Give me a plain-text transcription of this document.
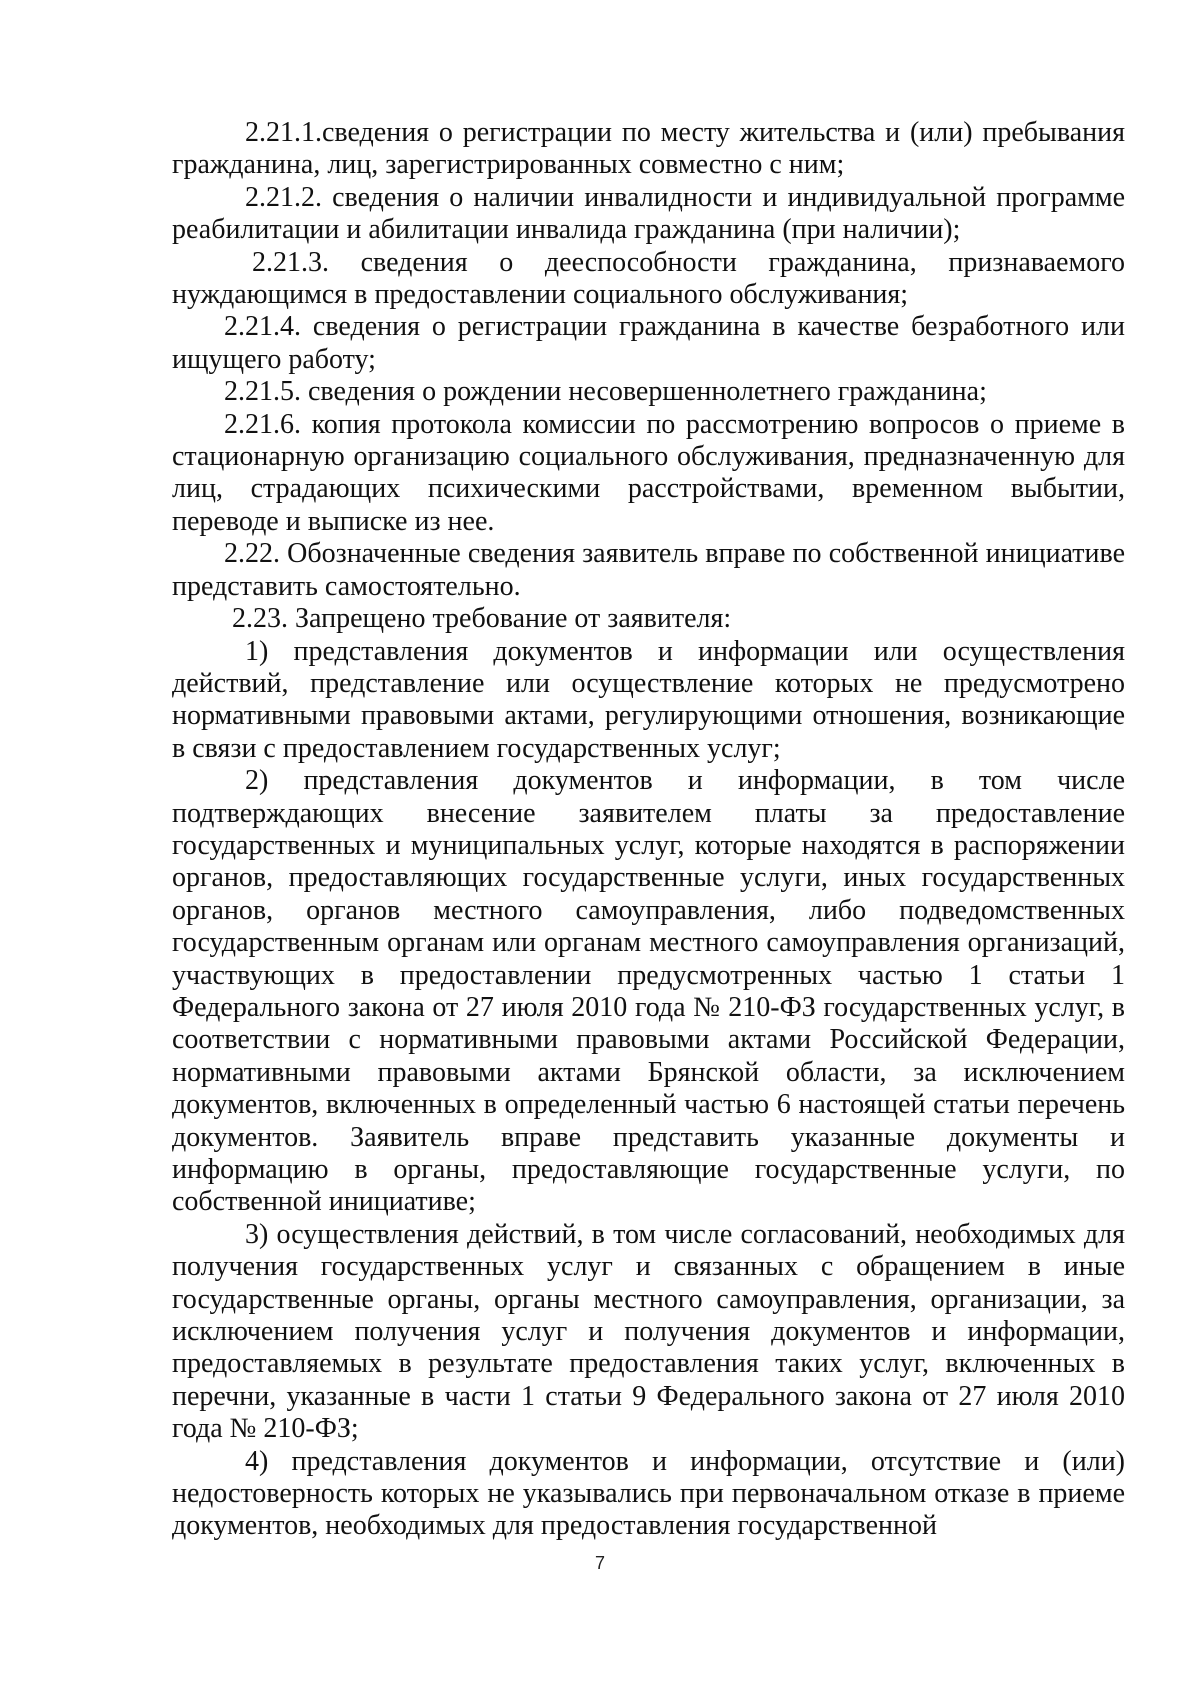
2.21.1.сведения о регистрации по месту жительства и (или) пребывания гражданина, лиц, зарегистрированных совместно с ним;

2.21.2. сведения о наличии инвалидности и индивидуальной программе реабилитации и абилитации инвалида гражданина (при наличии);

2.21.3. сведения о дееспособности гражданина, признаваемого нуждающимся в предоставлении социального обслуживания;

2.21.4. сведения о регистрации гражданина в качестве безработного или ищущего работу;

2.21.5. сведения о рождении несовершеннолетнего гражданина;

2.21.6. копия протокола комиссии по рассмотрению вопросов о приеме в стационарную организацию социального обслуживания, предназначенную для лиц, страдающих психическими расстройствами, временном выбытии, переводе и выписке из нее.

2.22. Обозначенные сведения заявитель вправе по собственной инициативе представить самостоятельно.

2.23. Запрещено требование от заявителя:

1) представления документов и информации или осуществления действий, представление или осуществление которых не предусмотрено нормативными правовыми актами, регулирующими отношения, возникающие в связи с предоставлением государственных услуг;

2) представления документов и информации, в том числе подтверждающих внесение заявителем платы за предоставление государственных и муниципальных услуг, которые находятся в распоряжении органов, предоставляющих государственные услуги, иных государственных органов, органов местного самоуправления, либо подведомственных государственным органам или органам местного самоуправления организаций, участвующих в предоставлении предусмотренных частью 1 статьи 1 Федерального закона от 27 июля 2010 года № 210-ФЗ государственных услуг, в соответствии с нормативными правовыми актами Российской Федерации, нормативными правовыми актами Брянской области, за исключением документов, включенных в определенный частью 6 настоящей статьи перечень документов. Заявитель вправе представить указанные документы и информацию в органы, предоставляющие государственные услуги, по собственной инициативе;

3) осуществления действий, в том числе согласований, необходимых для получения государственных услуг и связанных с обращением в иные государственные органы, органы местного самоуправления, организации, за исключением получения услуг и получения документов и информации, предоставляемых в результате предоставления таких услуг, включенных в перечни, указанные в части 1 статьи 9 Федерального закона от 27 июля 2010 года № 210-ФЗ;

4) представления документов и информации, отсутствие и (или) недостоверность которых не указывались при первоначальном отказе в приеме документов, необходимых для предоставления государственной

7
